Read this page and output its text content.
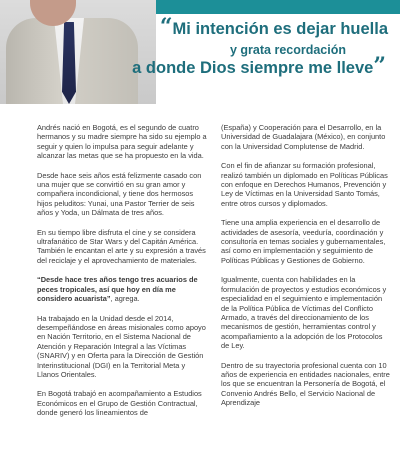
“Mi intención es dejar huella
y grata recordación
a donde Dios siempre me lleve”

Andrés nació en Bogotá, es el segundo de cuatro hermanos y su madre siempre ha sido su ejemplo a seguir y quien lo impulsa para seguir adelante y alcanzar las metas que se ha propuesto en la vida.

Desde hace seis años está felizmente casado con una mujer que se convirtió en su gran amor y compañera incondicional, y tiene dos hermosos hijos peluditos: Yunai, una Pastor Terrier de seis años y Yoda, un Dálmata de tres años.

En su tiempo libre disfruta el cine y se considera ultrafanático de Star Wars y del Capitán América. También le encantan el arte y su expresión a través del reciclaje y el aprovechamiento de materiales.

“Desde hace tres años tengo tres acuarios de peces tropicales, así que hoy en día me considero acuarista”, agrega.

Ha trabajado en la Unidad desde el 2014, desempeñándose en áreas misionales como apoyo en Nación Territorio, en el Sistema Nacional de Atención y Reparación Integral a las Víctimas (SNARIV) y en Oferta para la Dirección de Gestión Interinstitucional (DGI) en la Territorial Meta y Llanos Orientales.

En Bogotá trabajó en acompañamiento a Estudios Económicos en el Grupo de Gestión Contractual, donde generó los lineamientos de

(España) y Cooperación para el Desarrollo, en la Universidad de Guadalajara (México), en conjunto con la Universidad Complutense de Madrid.

Con el fin de afianzar su formación profesional, realizó también un diplomado en Políticas Públicas con enfoque en Derechos Humanos, Prevención y Ley de Víctimas en la Universidad Santo Tomás, entre otros cursos y diplomados.

Tiene una amplia experiencia en el desarrollo de actividades de asesoría, veeduría, coordinación y consultoría en temas sociales y gubernamentales, así como en implementación y seguimiento de Políticas Públicas y Gestiones de Gobierno.

Igualmente, cuenta con habilidades en la formulación de proyectos y estudios económicos y especialidad en el seguimiento e implementación de la Política Pública de Víctimas del Conflicto Armado, a través del direccionamiento de los mecanismos de gestión, herramientas control y acompañamiento a la adopción de los Protocolos de Ley.

Dentro de su trayectoria profesional cuenta con 10 años de experiencia en entidades nacionales, entre los que se encuentran la Personería de Bogotá, el Convenio Andrés Bello, el Servicio Nacional de Aprendizaje
